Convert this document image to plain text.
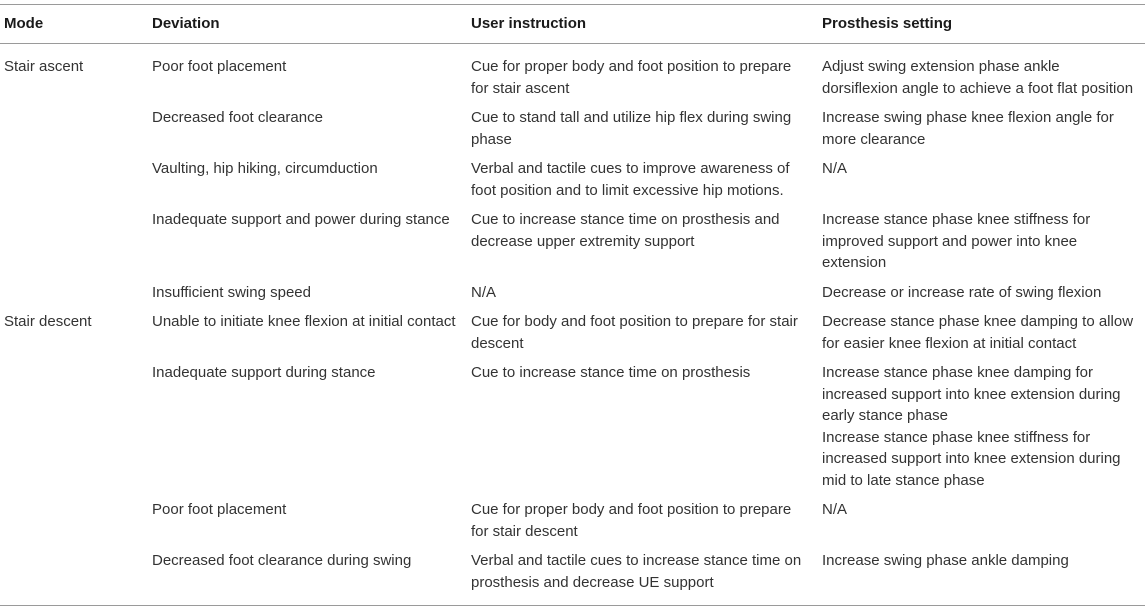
Mode	Deviation	User instruction	Prosthesis setting
Stair ascent	Poor foot placement	Cue for proper body and foot position to prepare for stair ascent	Adjust swing extension phase ankle dorsiflexion angle to achieve a foot flat position

	Decreased foot clearance	Cue to stand tall and utilize hip flex during swing phase	Increase swing phase knee flexion angle for more clearance

	Vaulting, hip hiking, circumduction	Verbal and tactile cues to improve awareness of foot position and to limit excessive hip motions.	N/A

	Inadequate support and power during stance	Cue to increase stance time on prosthesis and decrease upper extremity support	Increase stance phase knee stiffness for improved support and power into knee extension

	Insufficient swing speed	N/A	Decrease or increase rate of swing flexion

Stair descent	Unable to initiate knee flexion at initial contact	Cue for body and foot position to prepare for stair descent	Decrease stance phase knee damping to allow for easier knee flexion at initial contact

	Inadequate support during stance	Cue to increase stance time on prosthesis	Increase stance phase knee damping for increased support into knee extension during early stance phase
Increase stance phase knee stiffness for increased support into knee extension during mid to late stance phase

	Poor foot placement	Cue for proper body and foot position to prepare for stair descent	N/A

	Decreased foot clearance during swing	Verbal and tactile cues to increase stance time on prosthesis and decrease UE support	Increase swing phase ankle damping
